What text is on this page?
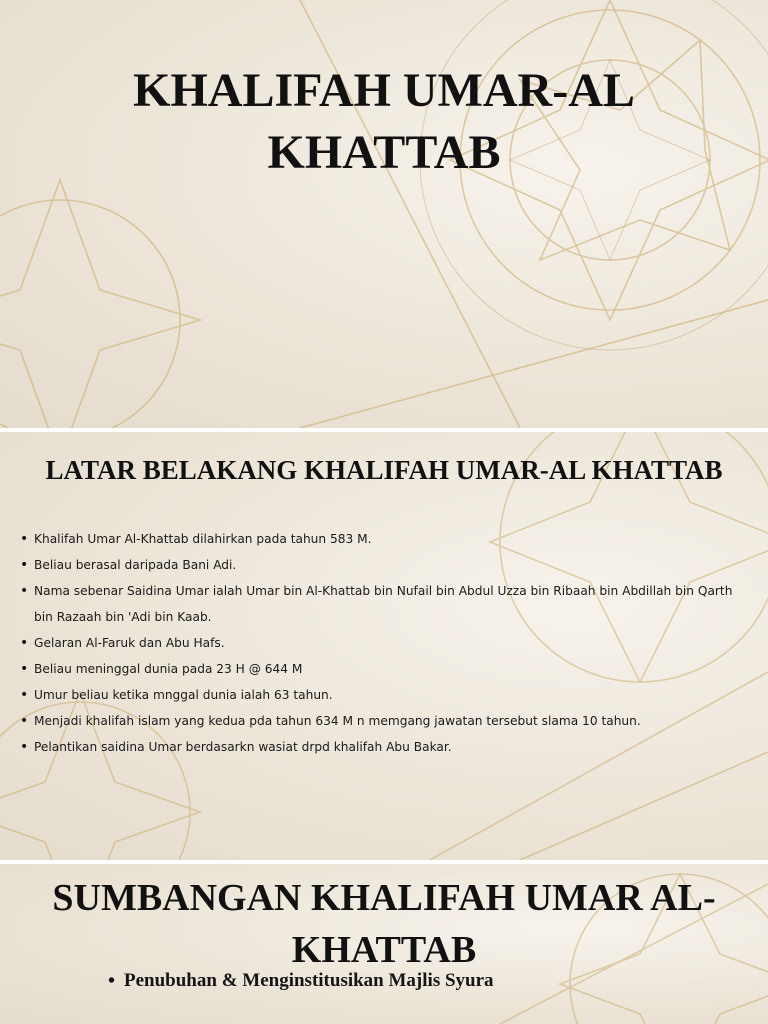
KHALIFAH UMAR-AL KHATTAB
LATAR BELAKANG KHALIFAH UMAR-AL KHATTAB
• Khalifah Umar Al-Khattab dilahirkan pada tahun 583 M.
• Beliau berasal daripada Bani Adi.
• Nama sebenar Saidina Umar ialah Umar bin Al-Khattab bin Nufail bin Abdul Uzza bin Ribaah bin Abdillah bin Qarth bin Razaah bin 'Adi bin Kaab.
• Gelaran Al-Faruk dan Abu Hafs.
• Beliau meninggal dunia pada 23 H @ 644 M
• Umur beliau ketika mnggal dunia ialah 63 tahun.
• Menjadi khalifah islam yang kedua pda tahun 634 M n memgang jawatan tersebut slama 10 tahun.
• Pelantikan saidina Umar berdasarkn wasiat drpd khalifah Abu Bakar.
SUMBANGAN KHALIFAH UMAR AL-KHATTAB
• Penubuhan & Menginstitusikan Majlis Syura
